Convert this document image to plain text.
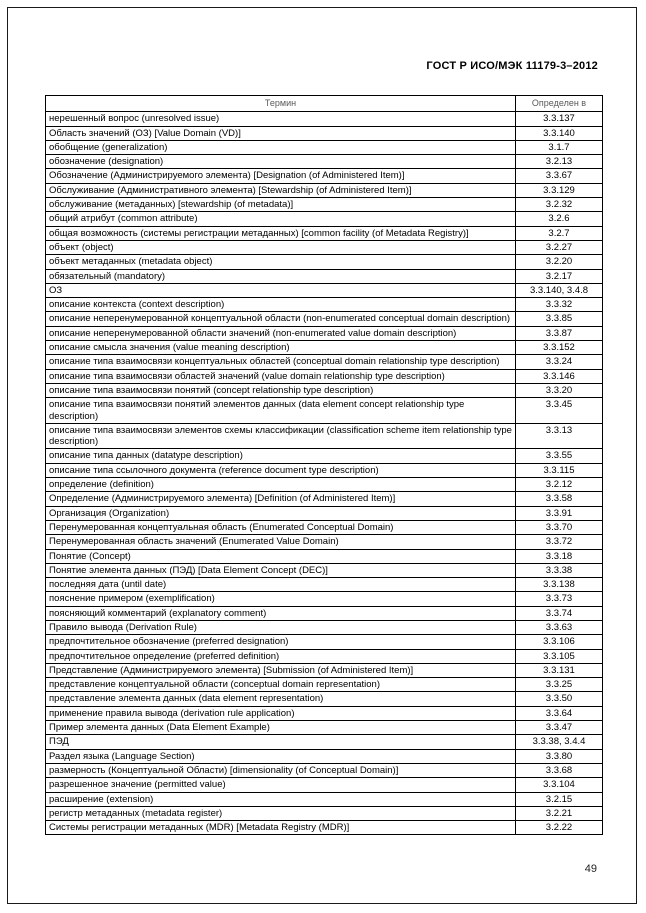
ГОСТ Р ИСО/МЭК 11179-3–2012
Термин	Определен в
нерешенный вопрос (unresolved issue)	3.3.137
Область значений (ОЗ) [Value Domain (VD)]	3.3.140
обобщение (generalization)	3.1.7
обозначение (designation)	3.2.13
Обозначение (Администрируемого элемента) [Designation (of Administered Item)]	3.3.67
Обслуживание (Административного элемента) [Stewardship (of Administered Item)]	3.3.129
обслуживание (метаданных) [stewardship (of metadata)]	3.2.32
общий атрибут (common attribute)	3.2.6
общая возможность (системы регистрации метаданных) [common facility (of Metadata Registry)]	3.2.7
объект (object)	3.2.27
объект метаданных (metadata object)	3.2.20
обязательный (mandatory)	3.2.17
ОЗ	3.3.140, 3.4.8
описание контекста (context description)	3.3.32
описание неперенумерованной концептуальной области (non-enumerated conceptual domain description)	3.3.85
описание неперенумерованной области значений (non-enumerated value domain description)	3.3.87
описание смысла значения (value meaning description)	3.3.152
описание типа взаимосвязи концептуальных областей (conceptual domain relationship type description)	3.3.24
описание типа взаимосвязи областей значений (value domain relationship type description)	3.3.146
описание типа взаимосвязи понятий (concept relationship type description)	3.3.20
описание типа взаимосвязи понятий элементов данных (data element concept relationship type description)	3.3.45
описание типа взаимосвязи элементов схемы классификации (classification scheme item relationship type description)	3.3.13
описание типа данных (datatype description)	3.3.55
описание типа ссылочного документа (reference document type description)	3.3.115
определение (definition)	3.2.12
Определение (Администрируемого элемента) [Definition (of Administered Item)]	3.3.58
Организация (Organization)	3.3.91
Перенумерованная концептуальная область (Enumerated Conceptual Domain)	3.3.70
Перенумерованная область значений (Enumerated Value Domain)	3.3.72
Понятие (Concept)	3.3.18
Понятие элемента данных (ПЭД) [Data Element Concept (DEC)]	3.3.38
последняя дата (until date)	3.3.138
пояснение примером (exemplification)	3.3.73
поясняющий комментарий (explanatory comment)	3.3.74
Правило вывода (Derivation Rule)	3.3.63
предпочтительное обозначение (preferred designation)	3.3.106
предпочтительное определение (preferred definition)	3.3.105
Представление (Администрируемого элемента) [Submission (of Administered Item)]	3.3.131
представление концептуальной области (conceptual domain representation)	3.3.25
представление элемента данных (data element representation)	3.3.50
применение правила вывода (derivation rule application)	3.3.64
Пример элемента данных (Data Element Example)	3.3.47
ПЭД	3.3.38, 3.4.4
Раздел языка (Language Section)	3.3.80
размерность (Концептуальной Области) [dimensionality (of Conceptual Domain)]	3.3.68
разрешенное значение (permitted value)	3.3.104
расширение (extension)	3.2.15
регистр метаданных (metadata register)	3.2.21
Системы регистрации метаданных (MDR) [Metadata Registry (MDR)]	3.2.22
49
